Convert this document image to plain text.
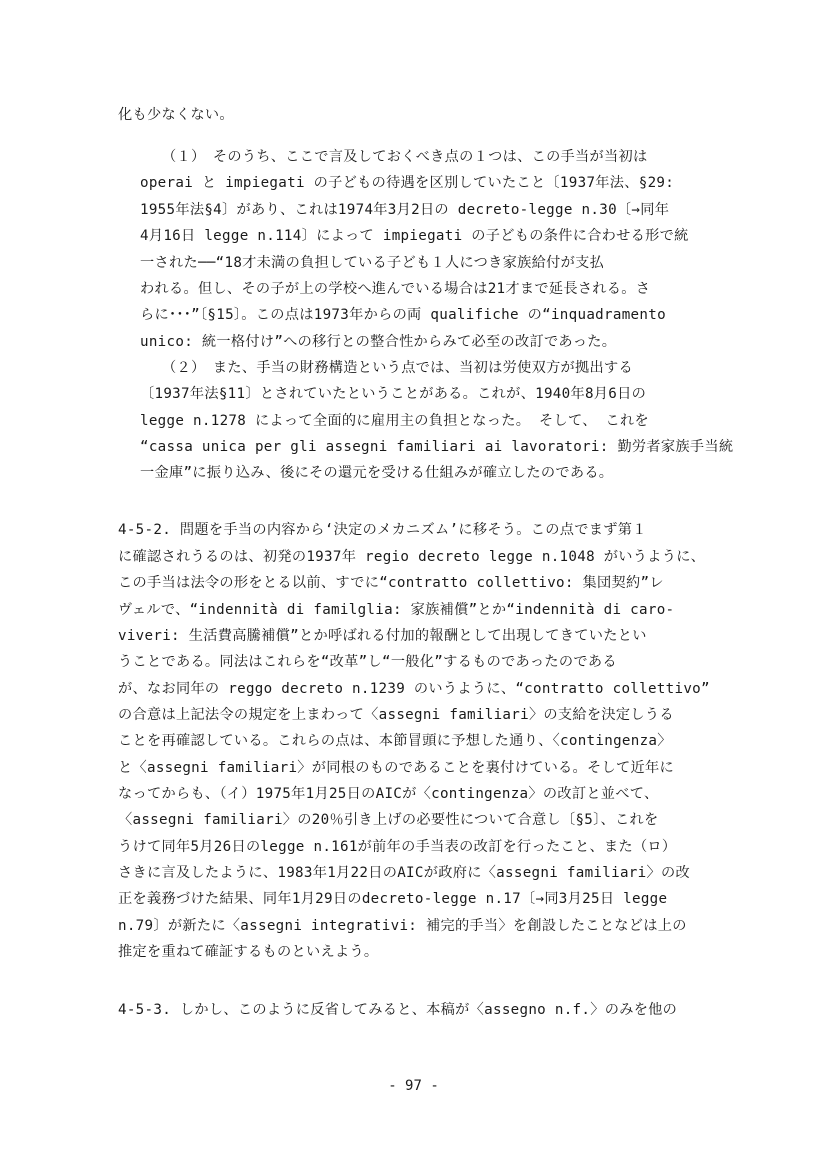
化も少なくない。
（１）　そのうち、ここで言及しておくべき点の１つは、この手当が当初は
operai と impiegati の子どもの待遇を区別していたこと〔1937年法、§29:
1955年法§4〕があり、これは1974年3月2日の decreto-legge n.30〔→同年
4月16日 legge n.114〕によって impiegati の子どもの条件に合わせる形で統
一された──“18才未満の負担している子ども１人につき家族給付が支払
われる。但し、その子が上の学校へ進んでいる場合は21才まで延長される。さ
らに･･･”〔§15〕。この点は1973年からの両 qualifiche の“inquadramento
unico: 統一格付け”への移行との整合性からみて必至の改訂であった。
（２）　また、手当の財務構造という点では、当初は労使双方が拠出する
〔1937年法§11〕とされていたということがある。これが、1940年8月6日の
legge n.1278 によって全面的に雇用主の負担となった。 そして、 これを
“cassa unica per gli assegni familiari ai lavoratori: 勤労者家族手当統
一金庫”に振り込み、後にその還元を受ける仕組みが確立したのである。
4-5-2. 問題を手当の内容から‘決定のメカニズム’に移そう。この点でまず第１
に確認されうるのは、初発の1937年 regio decreto legge n.1048 がいうように、
この手当は法令の形をとる以前、すでに“contratto collettivo: 集団契約”レ
ヴェルで、“indennità di familglia: 家族補償”とか“indennità di caro-
viveri: 生活費高騰補償”とか呼ばれる付加的報酬として出現してきていたとい
うことである。同法はこれらを“改革”し“一般化”するものであったのである
が、なお同年の reggo decreto n.1239 のいうように、“contratto collettivo”
の合意は上記法令の規定を上まわって〈assegni familiari〉の支給を決定しうる
ことを再確認している。これらの点は、本節冒頭に予想した通り、〈contingenza〉
と〈assegni familiari〉が同根のものであることを裏付けている。そして近年に
なってからも、（イ）1975年1月25日のAICが〈contingenza〉の改訂と並べて、
〈assegni familiari〉の20％引き上げの必要性について合意し〔§5〕、これを
うけて同年5月26日のlegge n.161が前年の手当表の改訂を行ったこと、また（ロ）
さきに言及したように、1983年1月22日のAICが政府に〈assegni familiari〉の改
正を義務づけた結果、同年1月29日のdecreto-legge n.17〔→同3月25日 legge
n.79〕が新たに〈assegni integrativi: 補完的手当〉を創設したことなどは上の
推定を重ねて確証するものといえよう。
4-5-3. しかし、このように反省してみると、本稿が〈assegno n.f.〉のみを他の
- 97 -
